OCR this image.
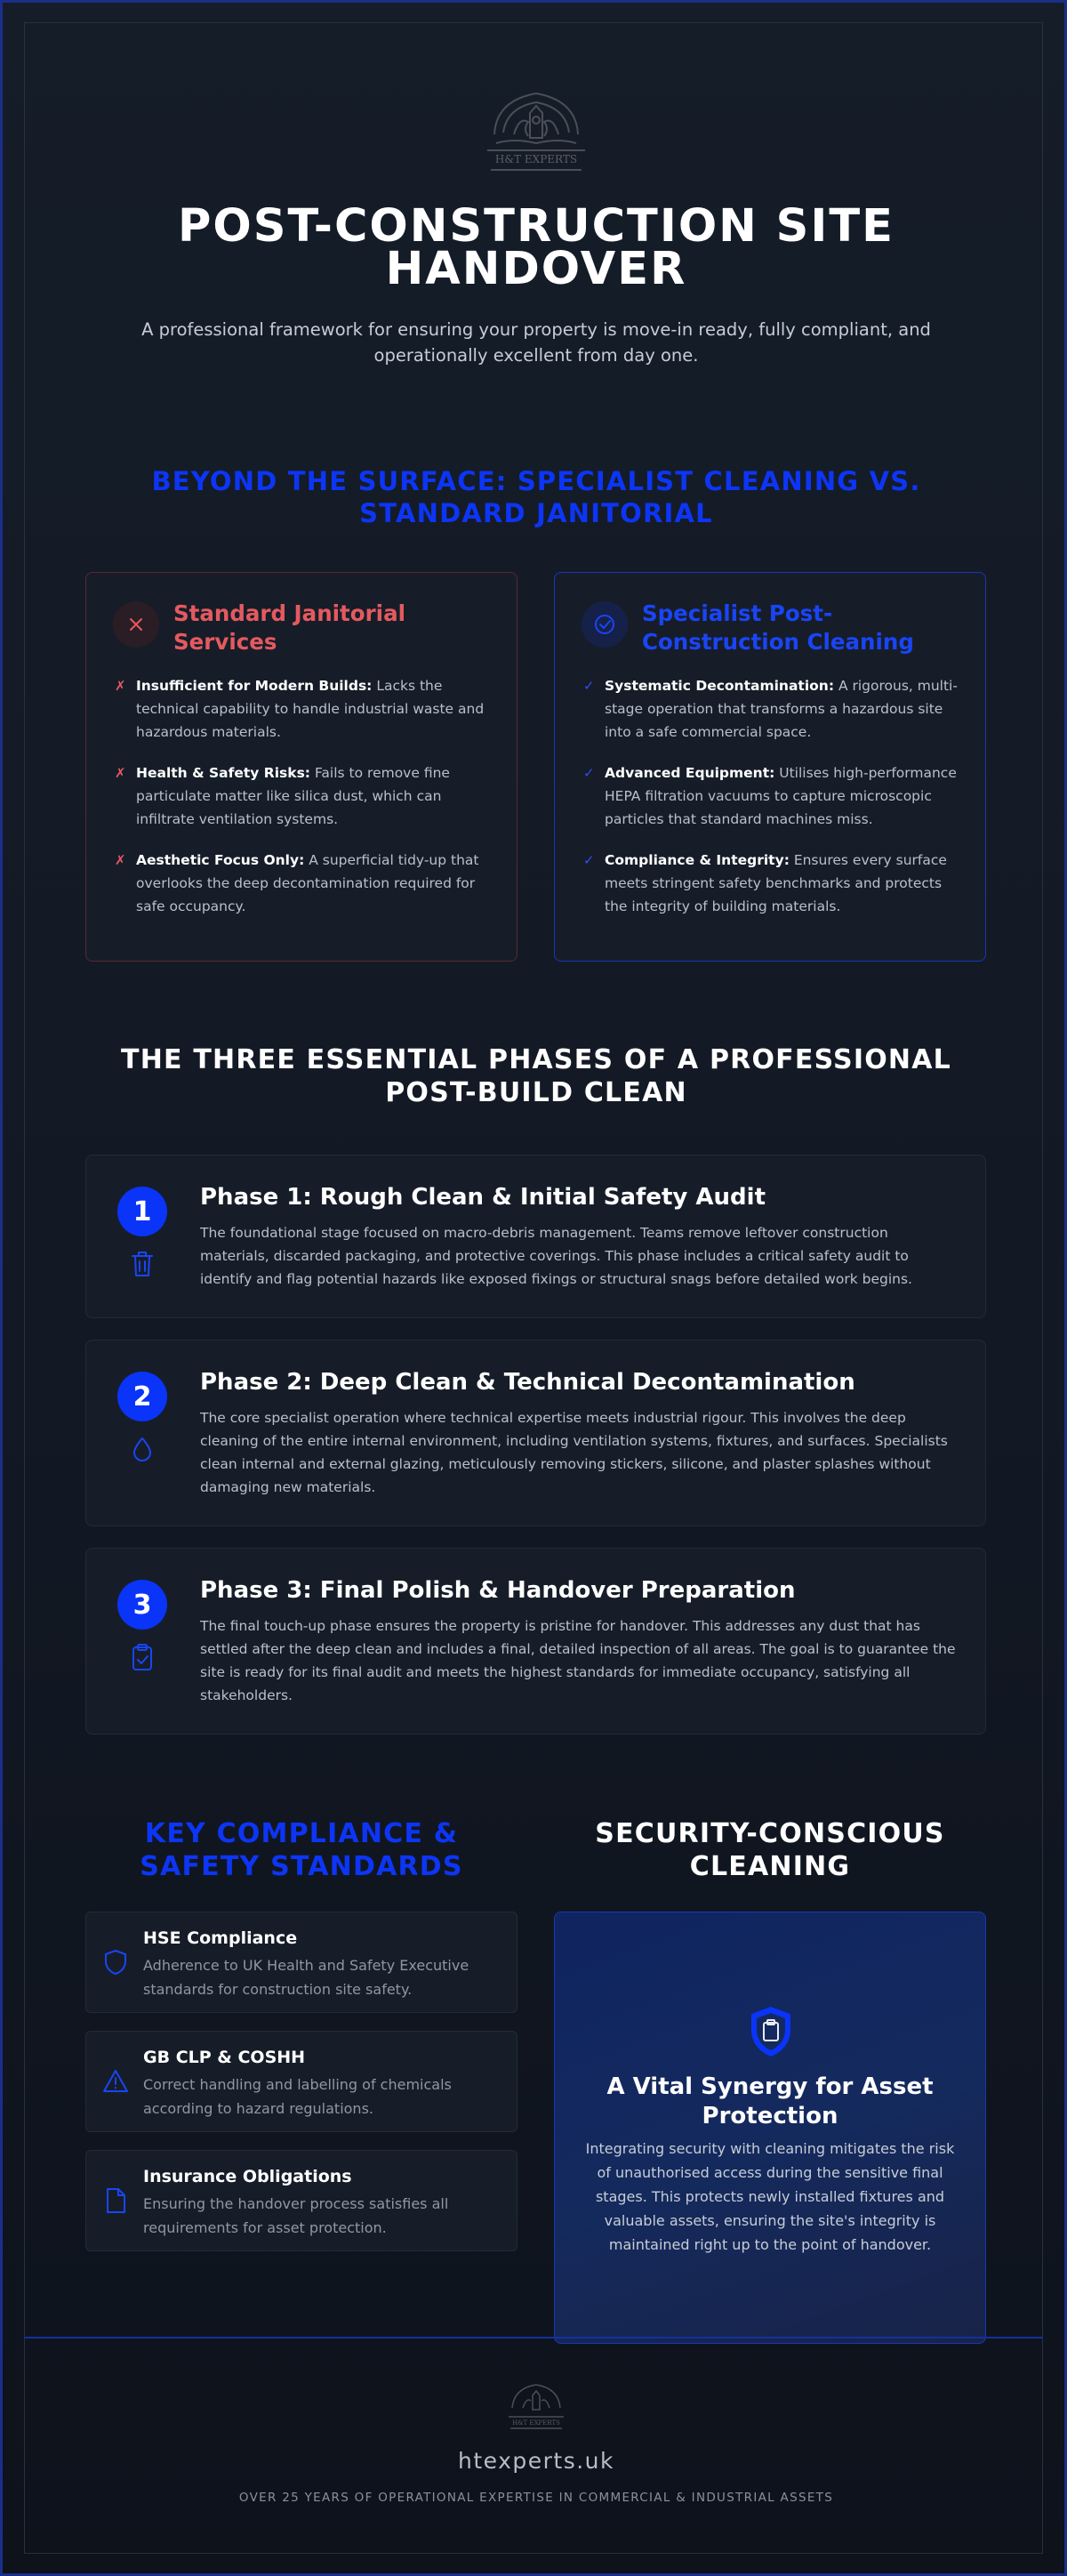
H&T EXPERTS
POST-CONSTRUCTION SITE HANDOVER

A professional framework for ensuring your property is move-in ready, fully compliant, and operationally excellent from day one.

BEYOND THE SURFACE: SPECIALIST CLEANING VS. STANDARD JANITORIAL
Standard Janitorial Services
✗ Insufficient for Modern Builds: Lacks the technical capability to handle industrial waste and hazardous materials.
✗ Health & Safety Risks: Fails to remove fine particulate matter like silica dust, which can infiltrate ventilation systems.
✗ Aesthetic Focus Only: A superficial tidy-up that overlooks the deep decontamination required for safe occupancy.
Specialist Post-Construction Cleaning
✓ Systematic Decontamination: A rigorous, multi-stage operation that transforms a hazardous site into a safe commercial space.
✓ Advanced Equipment: Utilises high-performance HEPA filtration vacuums to capture microscopic particles that standard machines miss.
✓ Compliance & Integrity: Ensures every surface meets stringent safety benchmarks and protects the integrity of building materials.
THE THREE ESSENTIAL PHASES OF A PROFESSIONAL POST-BUILD CLEAN
1	Phase 1: Rough Clean & Initial Safety Audit
The foundational stage focused on macro-debris management. Teams remove leftover construction materials, discarded packaging, and protective coverings. This phase includes a critical safety audit to identify and flag potential hazards like exposed fixings or structural snags before detailed work begins.
2	Phase 2: Deep Clean & Technical Decontamination
The core specialist operation where technical expertise meets industrial rigour. This involves the deep cleaning of the entire internal environment, including ventilation systems, fixtures, and surfaces. Specialists clean internal and external glazing, meticulously removing stickers, silicone, and plaster splashes without damaging new materials.
3	Phase 3: Final Polish & Handover Preparation
The final touch-up phase ensures the property is pristine for handover. This addresses any dust that has settled after the deep clean and includes a final, detailed inspection of all areas. The goal is to guarantee the site is ready for its final audit and meets the highest standards for immediate occupancy, satisfying all stakeholders.
KEY COMPLIANCE & SAFETY STANDARDS
HSE Compliance
Adherence to UK Health and Safety Executive standards for construction site safety.
GB CLP & COSHH
Correct handling and labelling of chemicals according to hazard regulations.
Insurance Obligations
Ensuring the handover process satisfies all requirements for asset protection.
SECURITY-CONSCIOUS CLEANING
A Vital Synergy for Asset Protection
Integrating security with cleaning mitigates the risk of unauthorised access during the sensitive final stages. This protects newly installed fixtures and valuable assets, ensuring the site's integrity is maintained right up to the point of handover.
H&T EXPERTS
htexperts.uk
OVER 25 YEARS OF OPERATIONAL EXPERTISE IN COMMERCIAL & INDUSTRIAL ASSETS
